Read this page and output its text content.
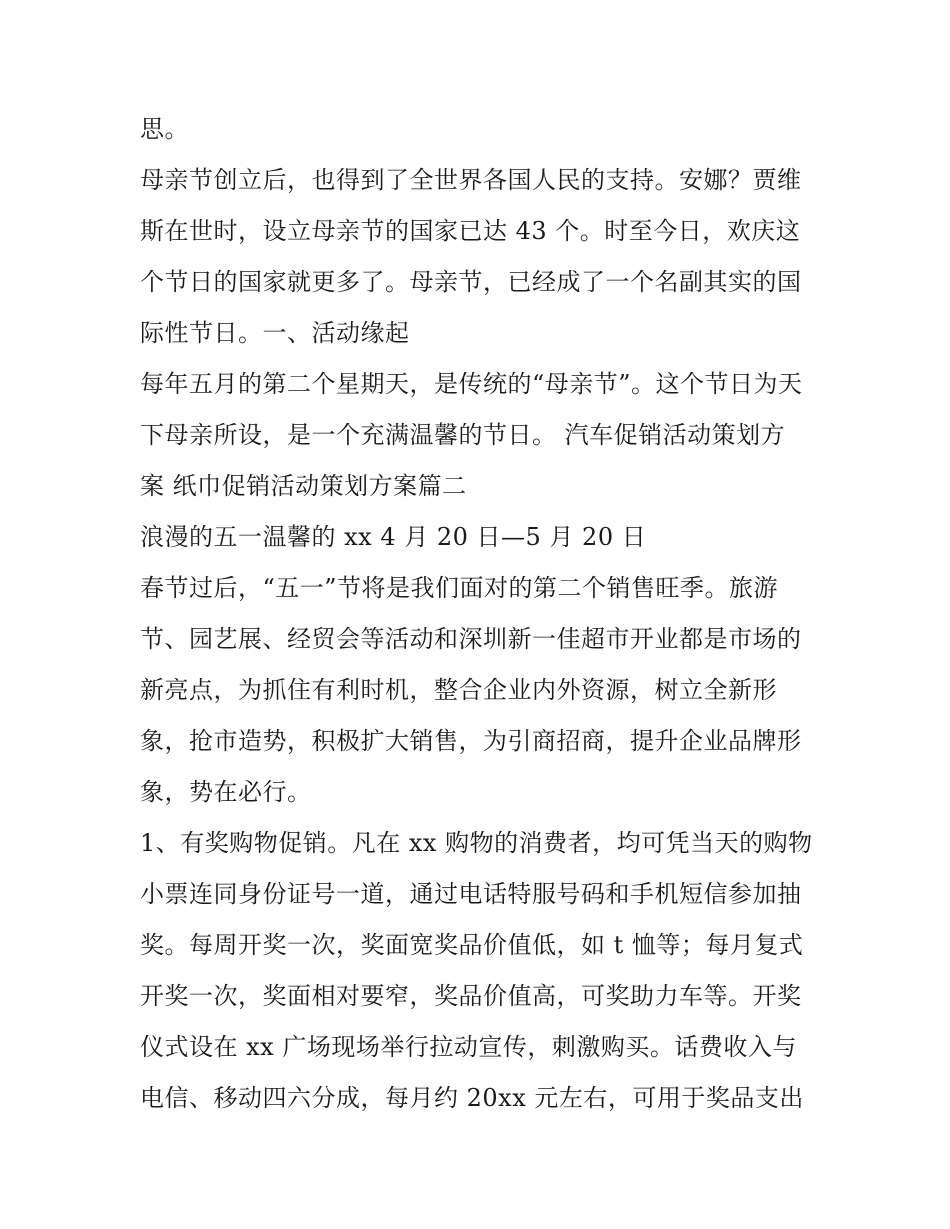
思。
母亲节创立后，也得到了全世界各国人民的支持。安娜？贾维
斯在世时，设立母亲节的国家已达 43 个。时至今日，欢庆这
个节日的国家就更多了。母亲节，已经成了一个名副其实的国
际性节日。一、活动缘起
每年五月的第二个星期天，是传统的“母亲节”。这个节日为天
下母亲所设，是一个充满温馨的节日。 汽车促销活动策划方
案 纸巾促销活动策划方案篇二
浪漫的五一温馨的 xx 4 月 20 日—5 月 20 日
春节过后，“五一”节将是我们面对的第二个销售旺季。旅游
节、园艺展、经贸会等活动和深圳新一佳超市开业都是市场的
新亮点，为抓住有利时机，整合企业内外资源，树立全新形
象，抢市造势，积极扩大销售，为引商招商，提升企业品牌形
象，势在必行。
1、有奖购物促销。凡在 xx 购物的消费者，均可凭当天的购物
小票连同身份证号一道，通过电话特服号码和手机短信参加抽
奖。每周开奖一次，奖面宽奖品价值低，如 t 恤等；每月复式
开奖一次，奖面相对要窄，奖品价值高，可奖助力车等。开奖
仪式设在 xx 广场现场举行拉动宣传，刺激购买。话费收入与
电信、移动四六分成，每月约 20xx 元左右，可用于奖品支出
